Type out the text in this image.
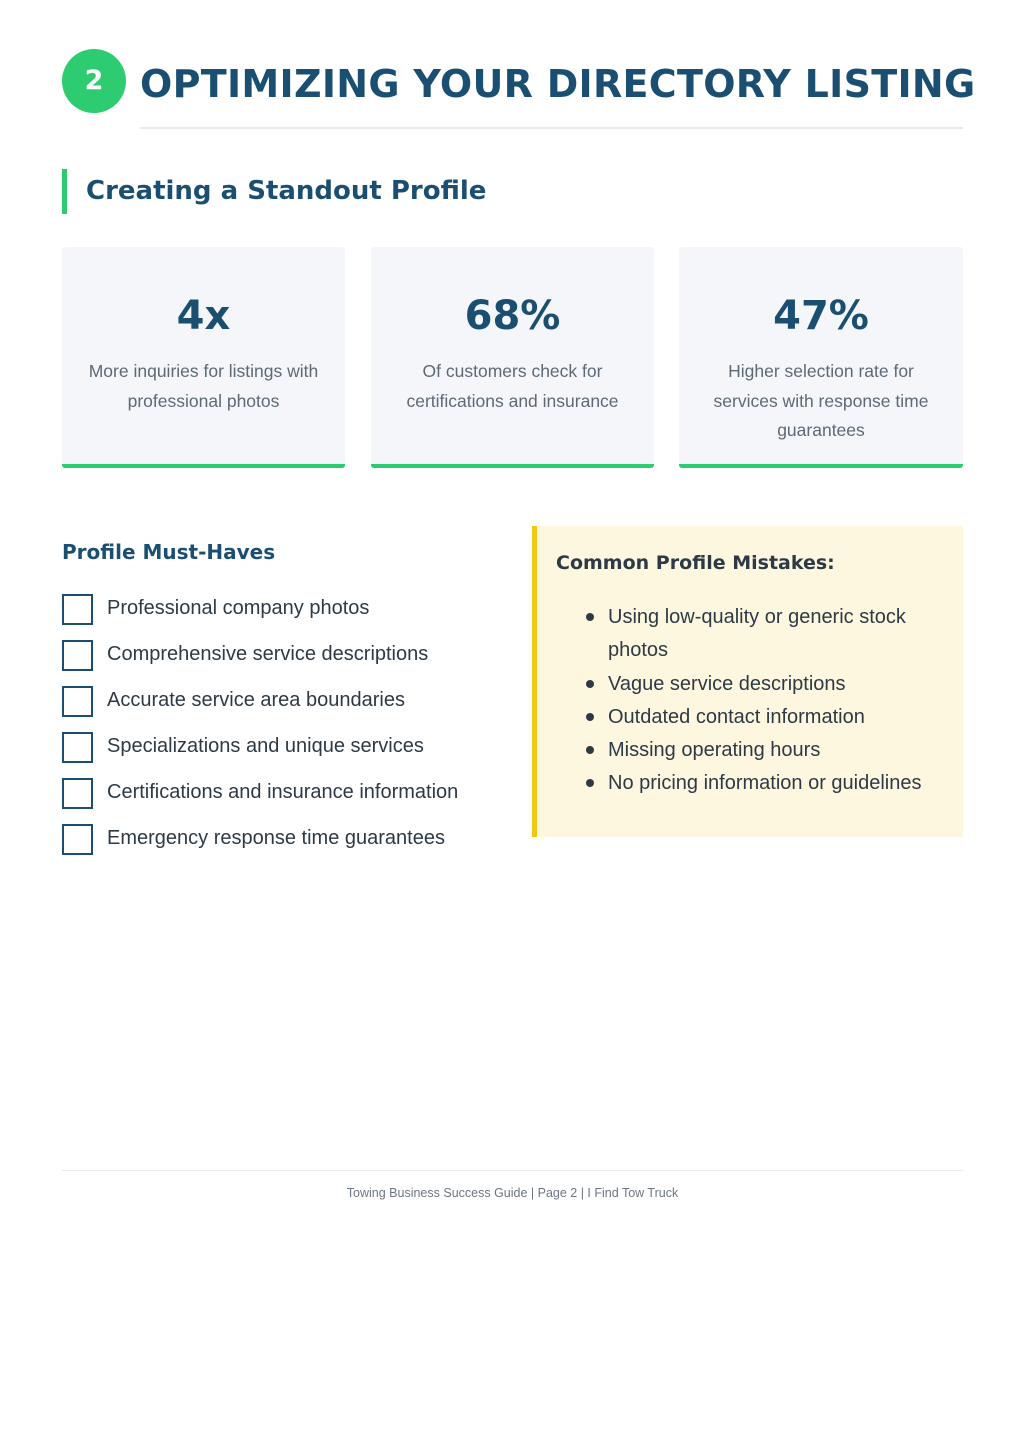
2 OPTIMIZING YOUR DIRECTORY LISTING
Creating a Standout Profile
4x
More inquiries for listings with professional photos
68%
Of customers check for certifications and insurance
47%
Higher selection rate for services with response time guarantees
Profile Must-Haves
Professional company photos
Comprehensive service descriptions
Accurate service area boundaries
Specializations and unique services
Certifications and insurance information
Emergency response time guarantees
Common Profile Mistakes:
Using low-quality or generic stock photos
Vague service descriptions
Outdated contact information
Missing operating hours
No pricing information or guidelines
Towing Business Success Guide | Page 2 | I Find Tow Truck
